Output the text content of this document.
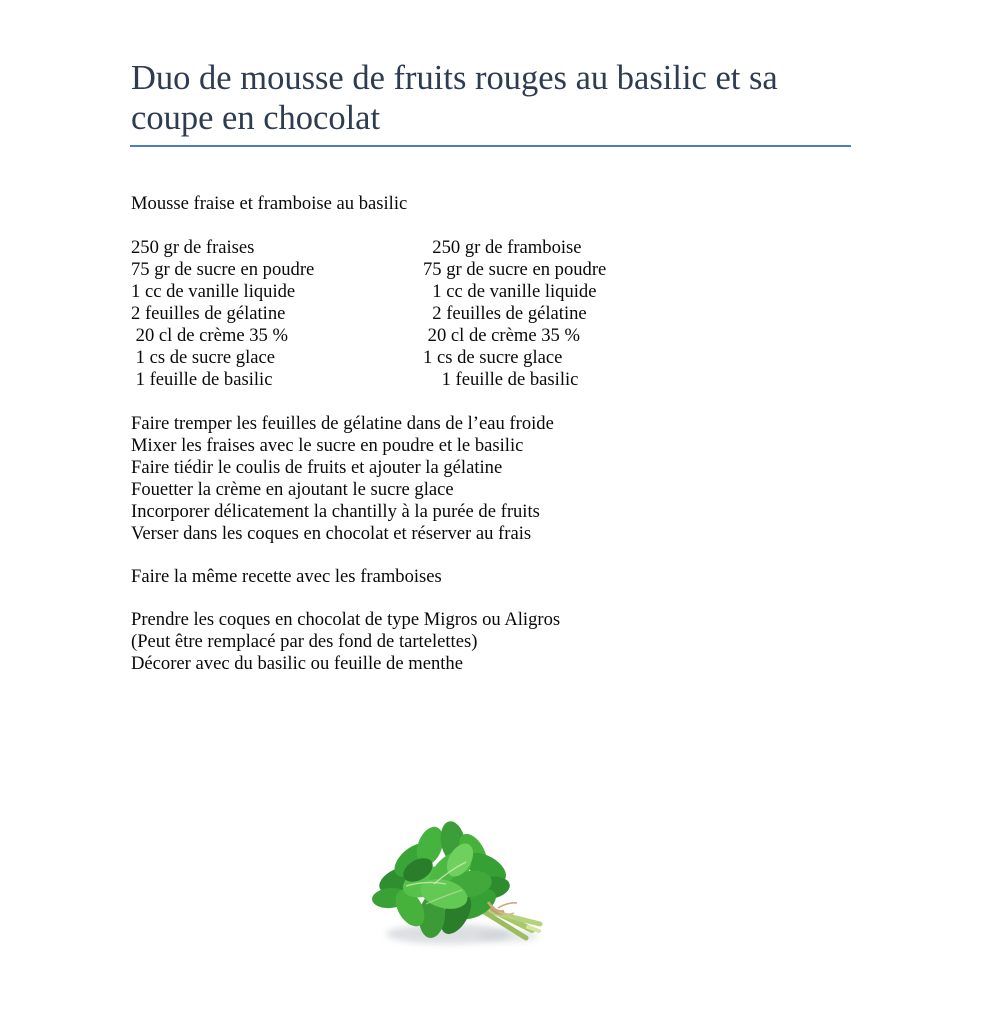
Duo de mousse de fruits rouges au basilic et sa coupe en chocolat
Mousse fraise et framboise au basilic
250 gr de fraises
75 gr de sucre en poudre
1 cc de vanille liquide
2 feuilles de gélatine
20 cl de crème 35 %
1 cs de sucre glace
1 feuille de basilic
250 gr de framboise
75 gr de sucre en poudre
1 cc de vanille liquide
2 feuilles de gélatine
20 cl de crème 35 %
1 cs de sucre glace
1 feuille de basilic
Faire tremper les feuilles de gélatine dans de l’eau froide
Mixer les fraises avec le sucre en poudre et le basilic
Faire tiédir le coulis de fruits et ajouter la gélatine
Fouetter la crème en ajoutant le sucre glace
Incorporer délicatement la chantilly à la purée de fruits
Verser dans les coques en chocolat et réserver au frais
Faire la même recette avec les framboises
Prendre les coques en chocolat de type Migros ou Aligros
(Peut être remplacé par des fond de tartelettes)
Décorer avec du basilic ou feuille de menthe
